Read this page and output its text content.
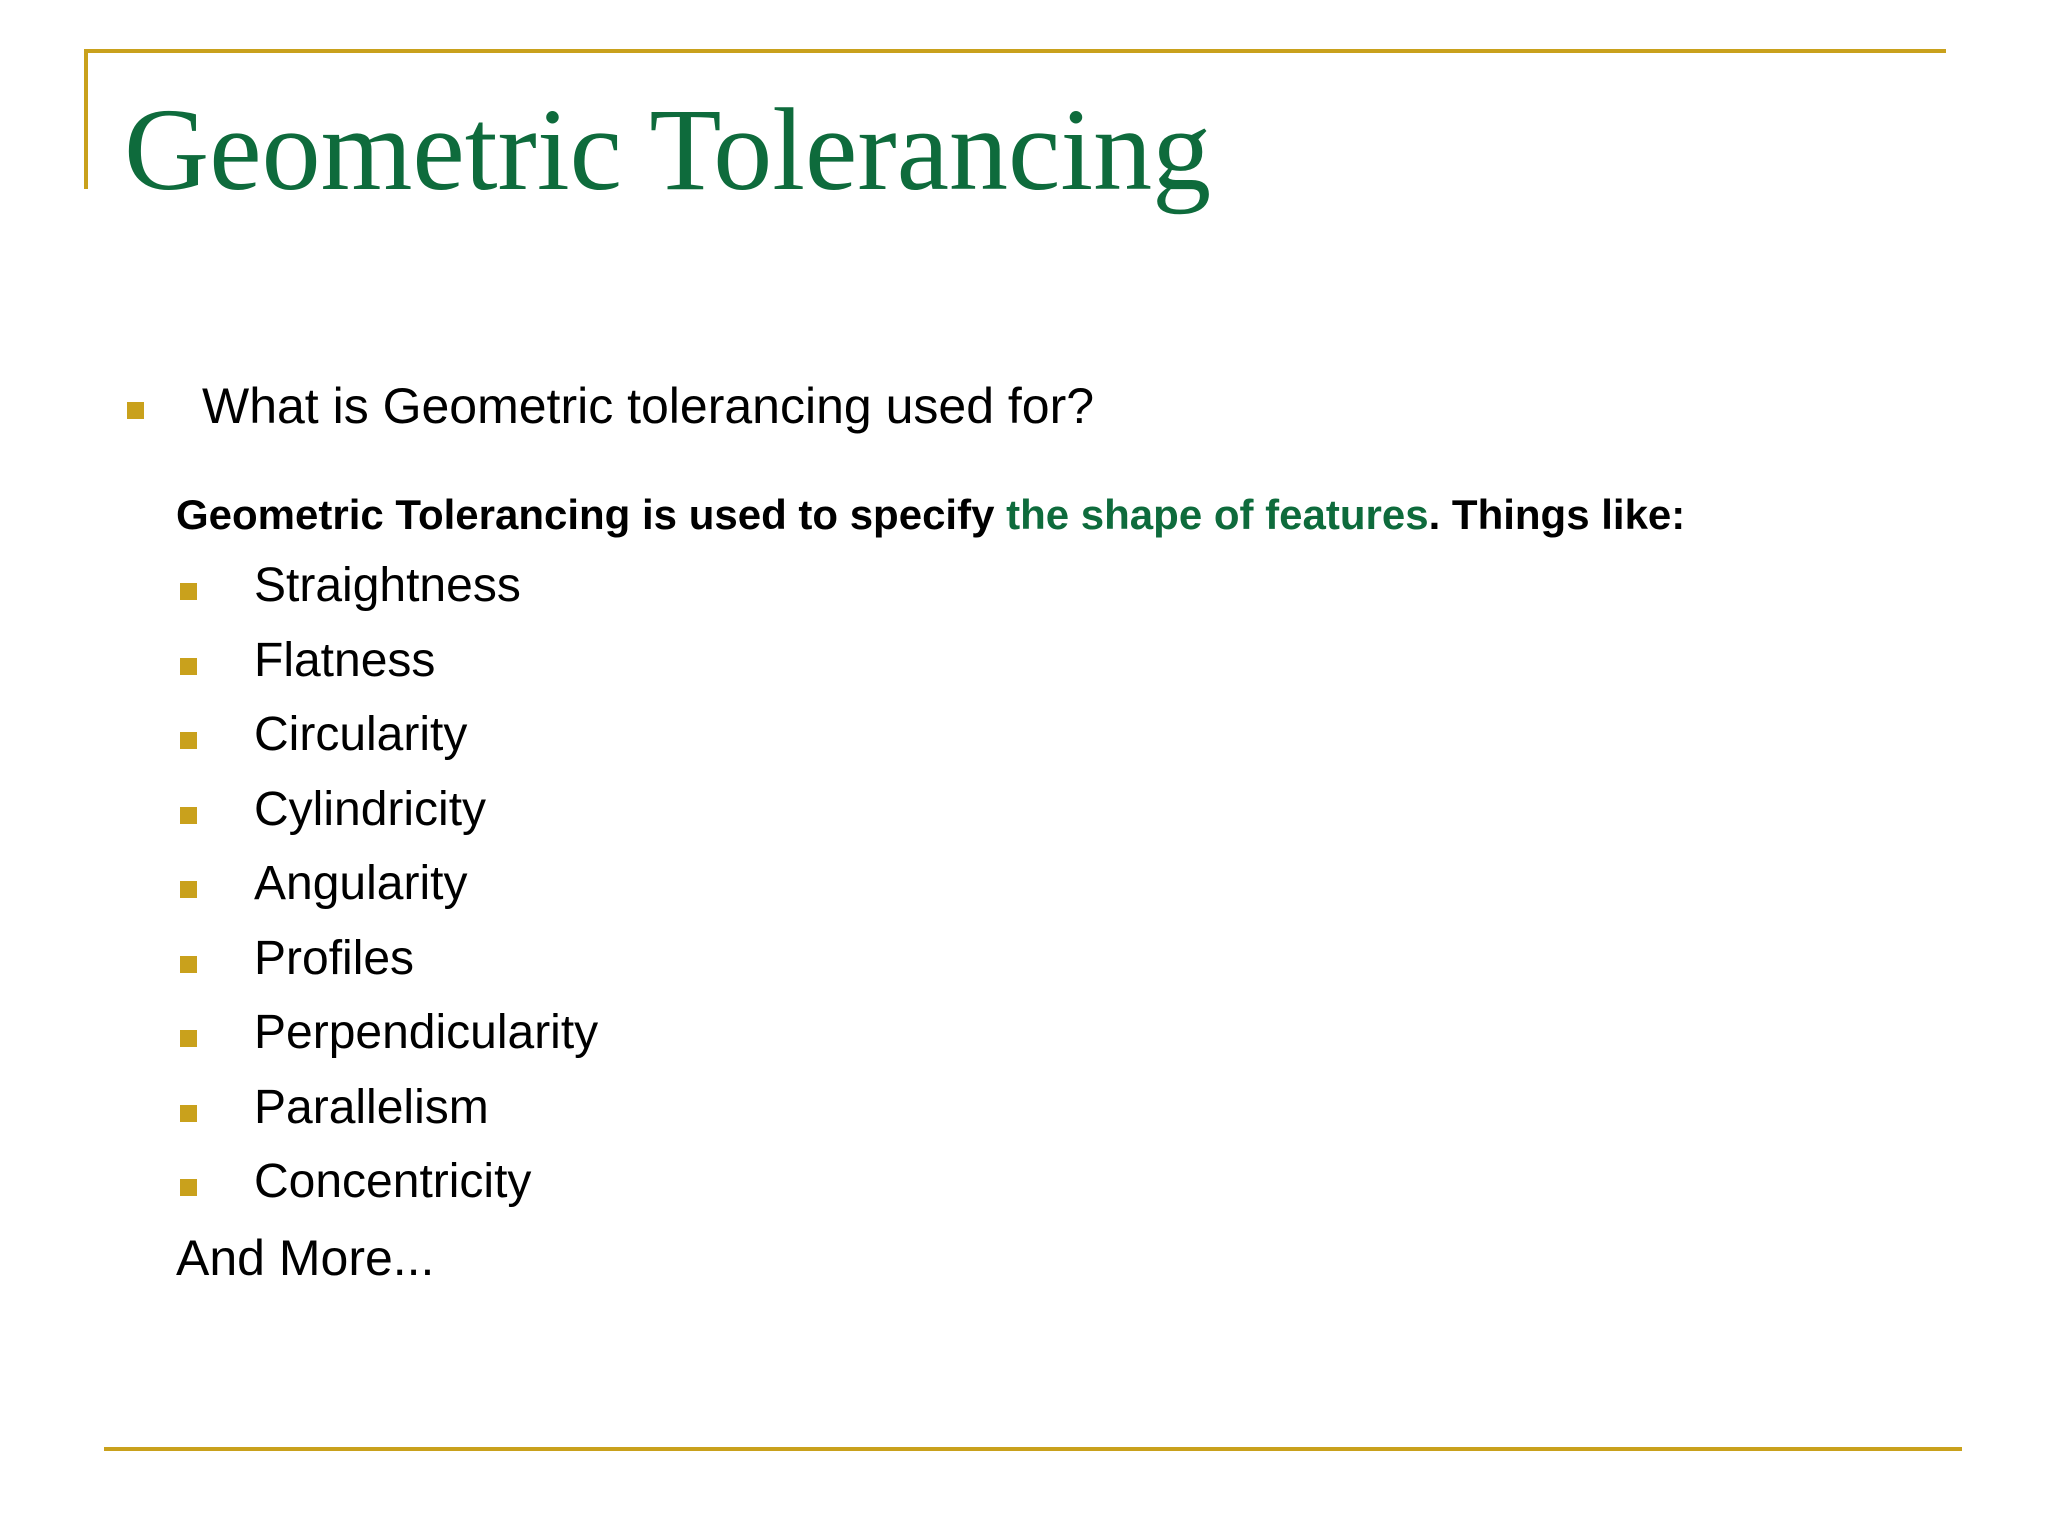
Geometric Tolerancing
What is Geometric tolerancing used for?
Geometric Tolerancing is used to specify the shape of features. Things like:
Straightness
Flatness
Circularity
Cylindricity
Angularity
Profiles
Perpendicularity
Parallelism
Concentricity
And More...
